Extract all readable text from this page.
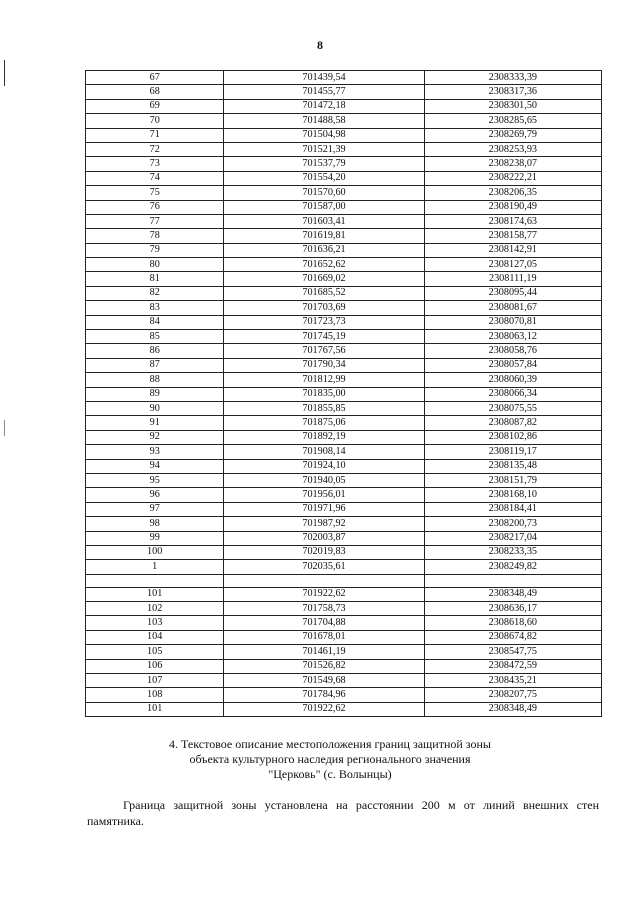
8
67	701439,54	2308333,39
68	701455,77	2308317,36
69	701472,18	2308301,50
70	701488,58	2308285,65
71	701504,98	2308269,79
72	701521,39	2308253,93
73	701537,79	2308238,07
74	701554,20	2308222,21
75	701570,60	2308206,35
76	701587,00	2308190,49
77	701603,41	2308174,63
78	701619,81	2308158,77
79	701636,21	2308142,91
80	701652,62	2308127,05
81	701669,02	2308111,19
82	701685,52	2308095,44
83	701703,69	2308081,67
84	701723,73	2308070,81
85	701745,19	2308063,12
86	701767,56	2308058,76
87	701790,34	2308057,84
88	701812,99	2308060,39
89	701835,00	2308066,34
90	701855,85	2308075,55
91	701875,06	2308087,82
92	701892,19	2308102,86
93	701908,14	2308119,17
94	701924,10	2308135,48
95	701940,05	2308151,79
96	701956,01	2308168,10
97	701971,96	2308184,41
98	701987,92	2308200,73
99	702003,87	2308217,04
100	702019,83	2308233,35
1	702035,61	2308249,82

101	701922,62	2308348,49
102	701758,73	2308636,17
103	701704,88	2308618,60
104	701678,01	2308674,82
105	701461,19	2308547,75
106	701526,82	2308472,59
107	701549,68	2308435,21
108	701784,96	2308207,75
101	701922,62	2308348,49
4. Текстовое описание местоположения границ защитной зоны
объекта культурного наследия регионального значения
"Церковь" (с. Волынцы)
Граница защитной зоны установлена на расстоянии 200 м от линий внешних стен памятника.
